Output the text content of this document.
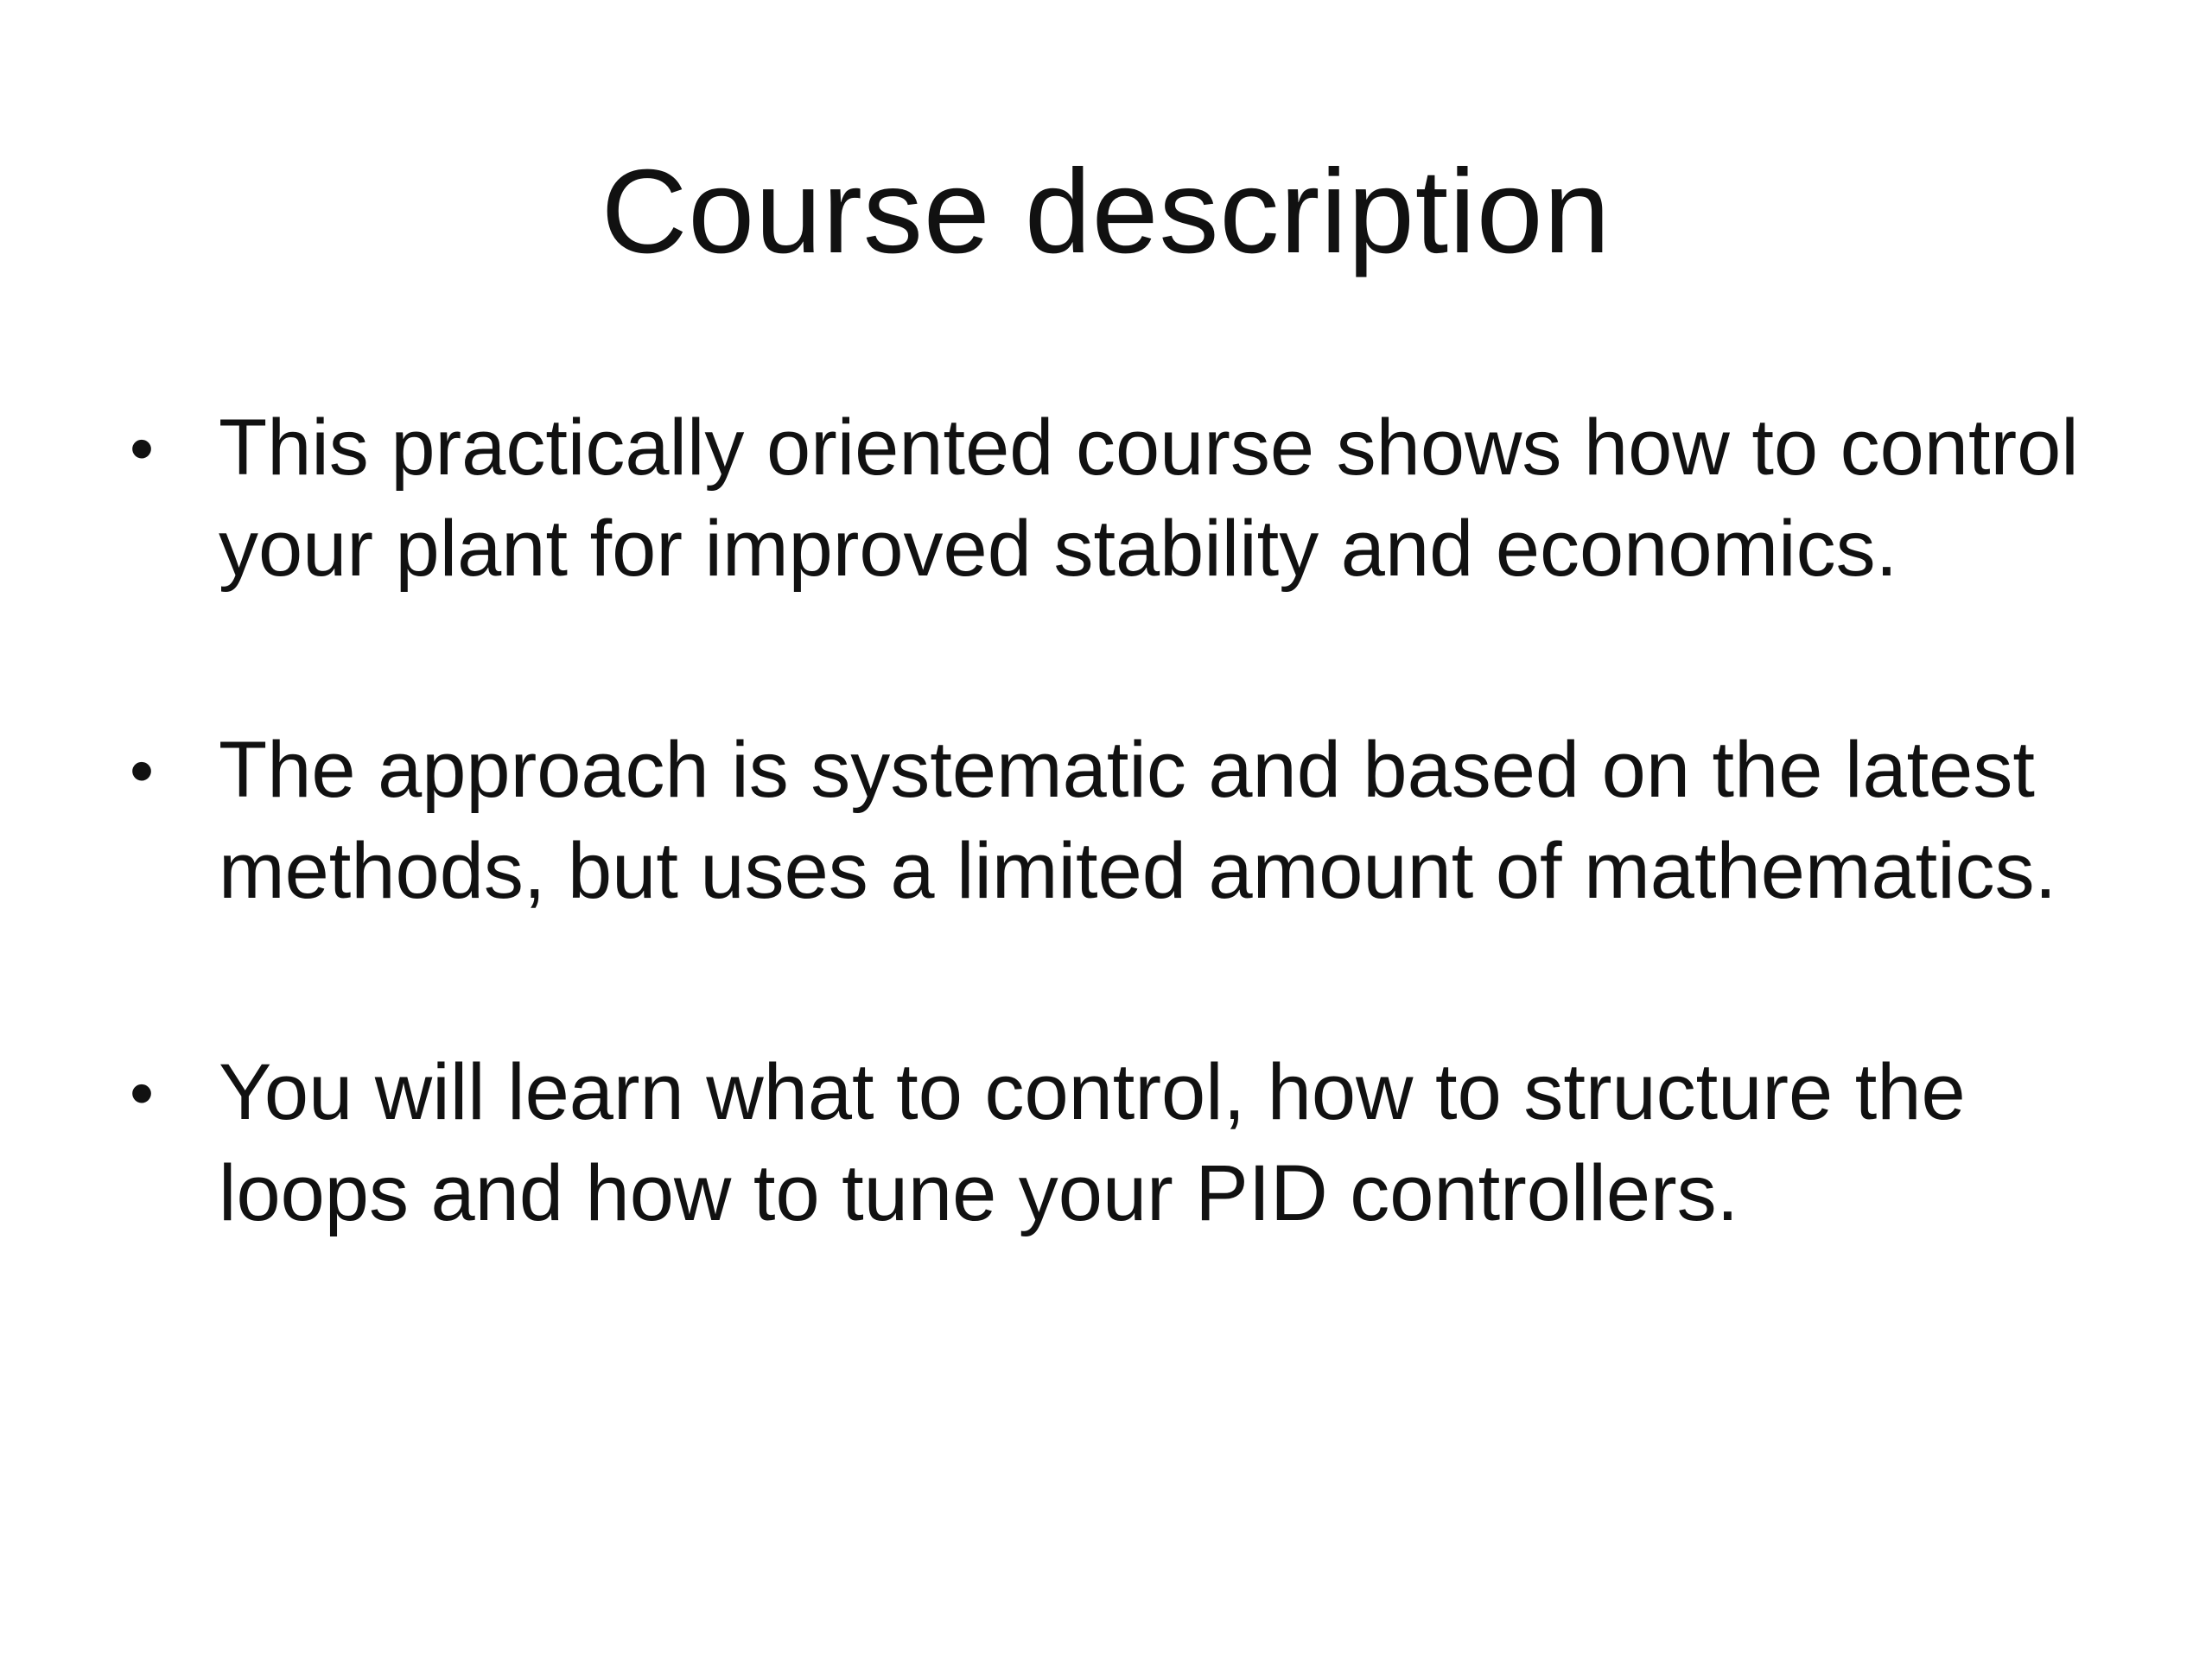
Course description
• This practically oriented course shows how to control your plant for improved stability and economics.
• The approach is systematic and based on the latest methods, but uses a limited amount of mathematics.
• You will learn what to control, how to structure the loops and how to tune your PID controllers.
